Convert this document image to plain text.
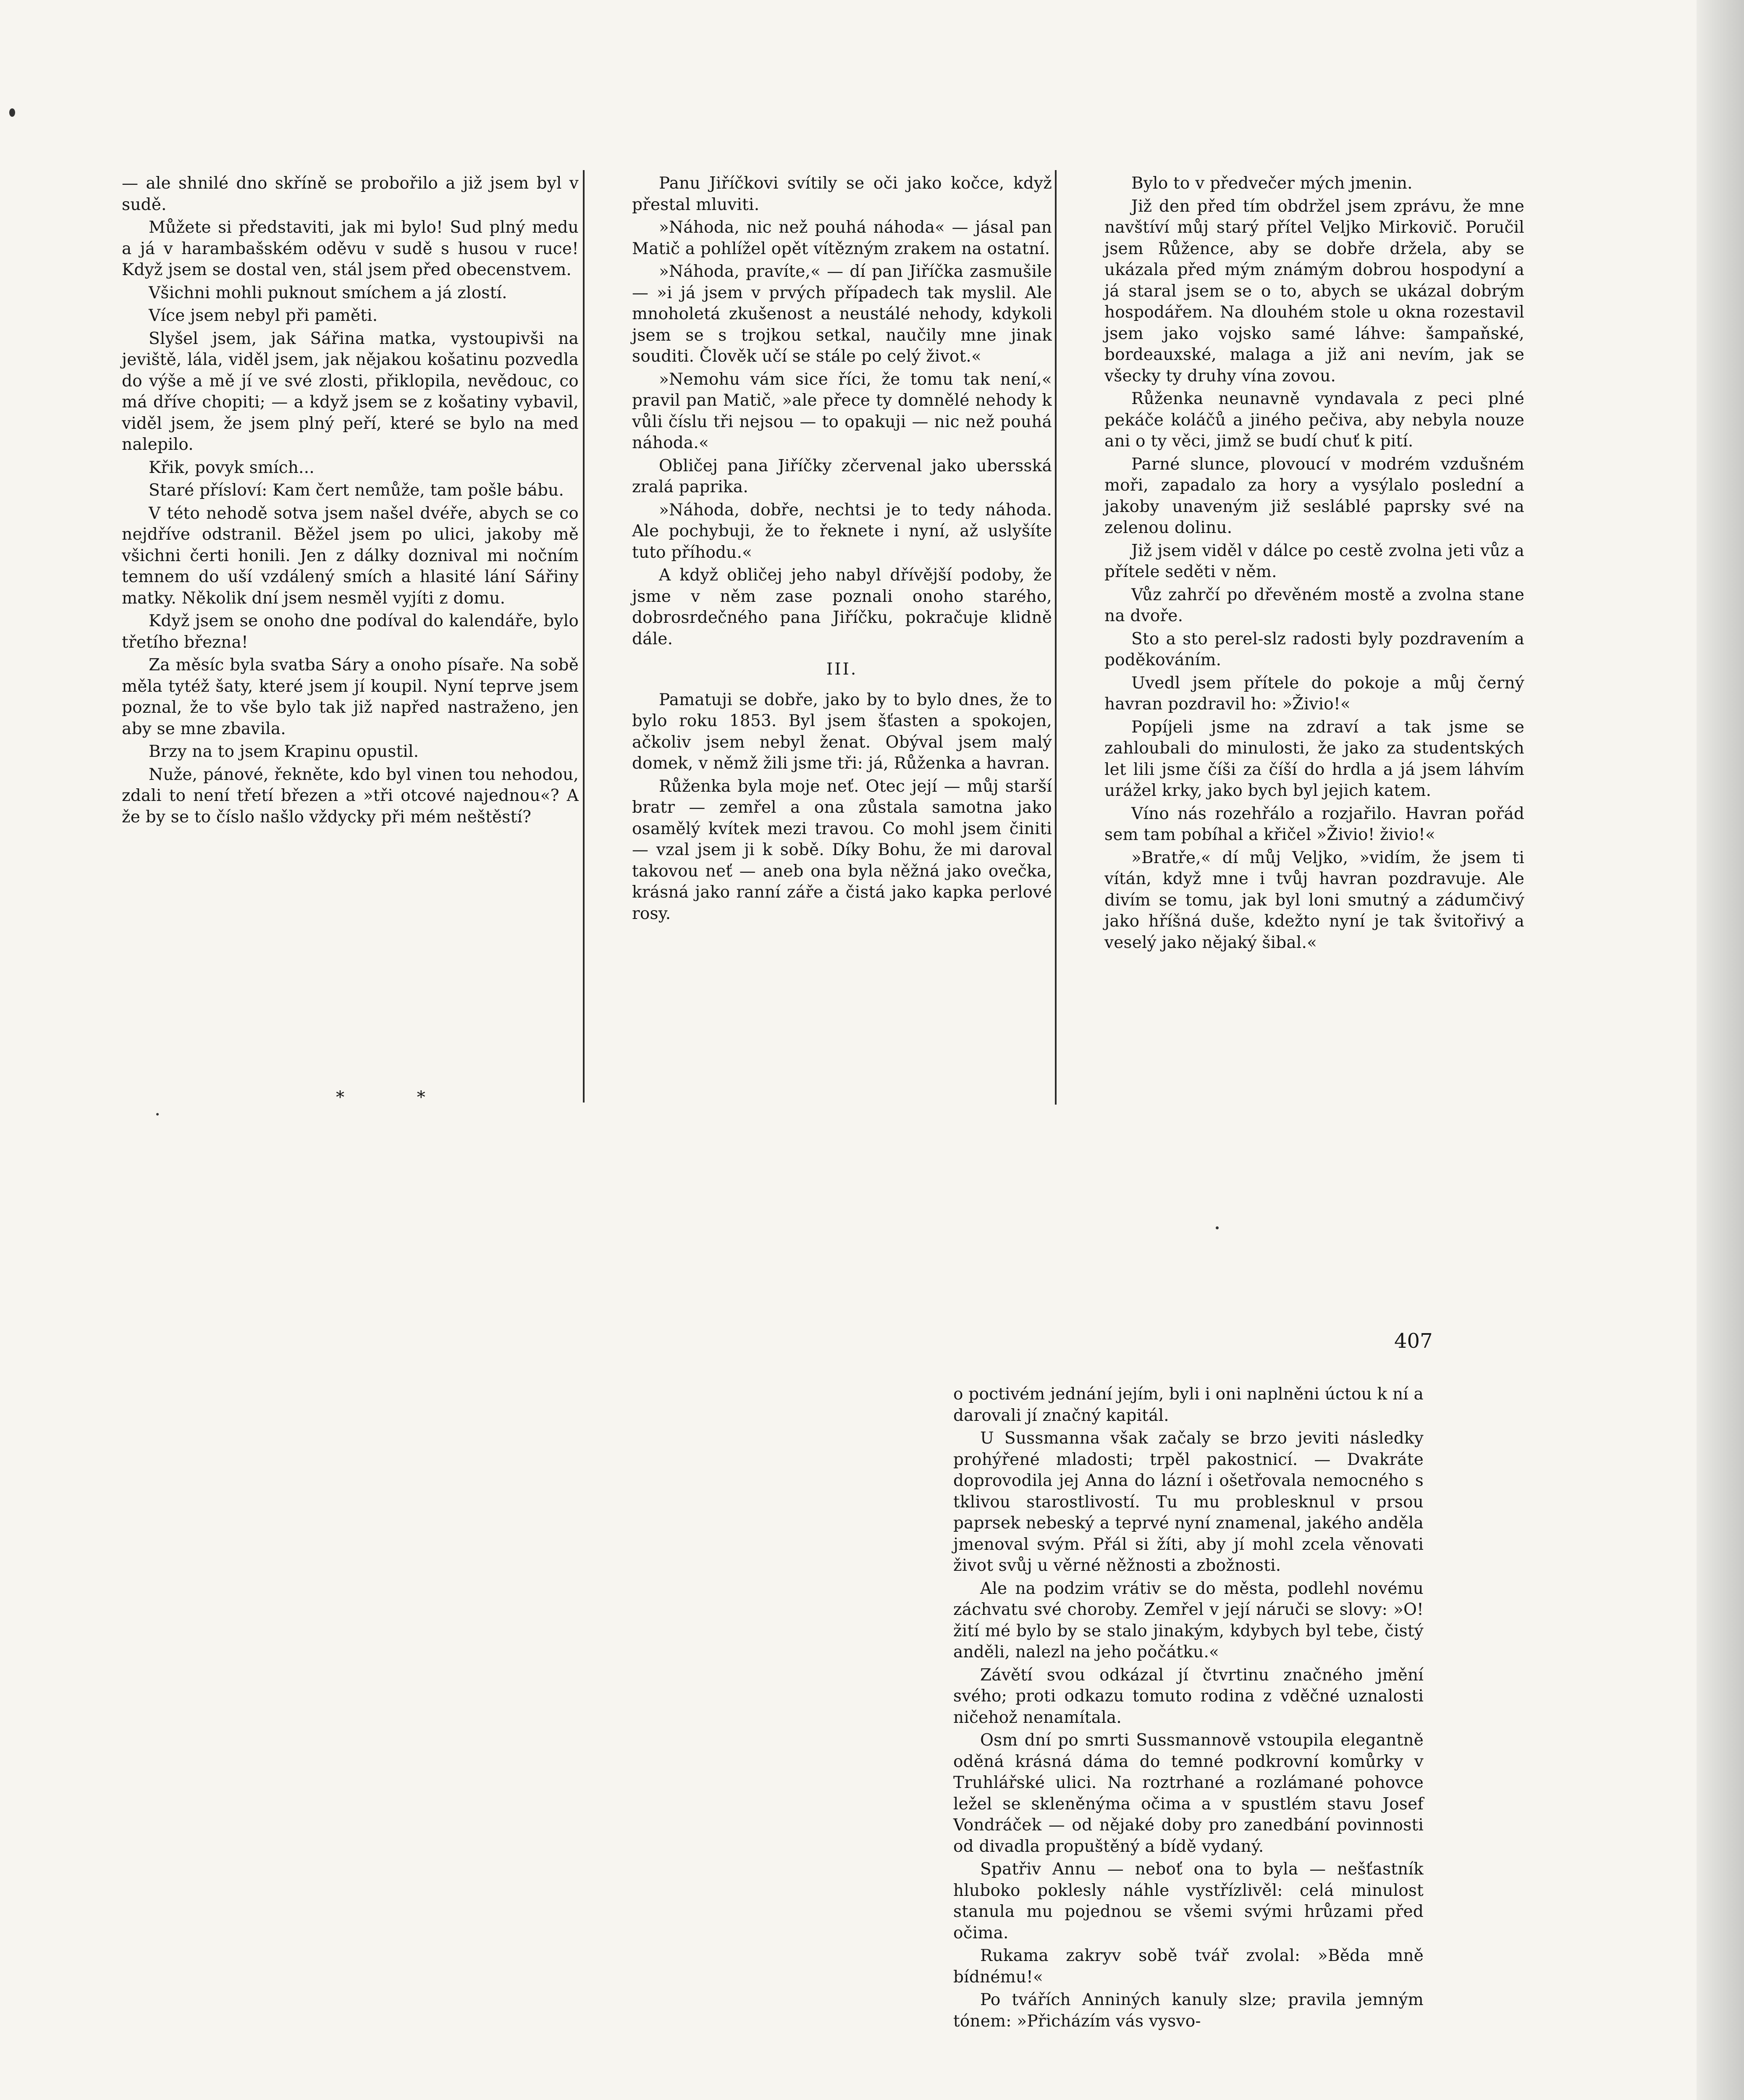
— ale shnilé dno skříně se probořilo a již jsem byl v sudě.

Můžete si představiti, jak mi bylo! Sud plný medu a já v harambašském oděvu v sudě s husou v ruce! Když jsem se dostal ven, stál jsem před obecenstvem.

Všichni mohli puknout smíchem a já zlostí.

Více jsem nebyl při paměti.

Slyšel jsem, jak Sářina matka, vystoupivši na jeviště, lála, viděl jsem, jak nějakou košatinu pozvedla do výše a mě jí ve své zlosti, přiklopila, nevědouc, co má dříve chopiti; — a když jsem se z košatiny vybavil, viděl jsem, že jsem plný peří, které se bylo na med nalepilo.

Křik, povyk smích...

Staré přísloví: Kam čert nemůže, tam pošle bábu.

V této nehodě sotva jsem našel dvéře, abych se co nejdříve odstranil. Běžel jsem po ulici, jakoby mě všichni čerti honili. Jen z dálky doznival mi nočním temnem do uší vzdálený smích a hlasité lání Sářiny matky. Několik dní jsem nesměl vyjíti z domu.

Když jsem se onoho dne podíval do kalendáře, bylo třetího března!

Za měsíc byla svatba Sáry a onoho písaře. Na sobě měla tytéž šaty, které jsem jí koupil. Nyní teprve jsem poznal, že to vše bylo tak již napřed nastraženo, jen aby se mne zbavila.

Brzy na to jsem Krapinu opustil.

Nuže, pánové, řekněte, kdo byl vinen tou nehodou, zdali to není třetí březen a »tři otcové najednou«? A že by se to číslo našlo vždycky při mém neštěstí?

* *

Panu Jiříčkovi svítily se oči jako kočce, když přestal mluviti.

»Náhoda, nic než pouhá náhoda« — jásal pan Matič a pohlížel opět vítězným zrakem na ostatní.

»Náhoda, pravíte,« — dí pan Jiříčka zasmušile — »i já jsem v prvých případech tak myslil. Ale mnoholetá zkušenost a neustálé nehody, kdykoli jsem se s trojkou setkal, naučily mne jinak souditi. Člověk učí se stále po celý život.«

»Nemohu vám sice říci, že tomu tak není,« pravil pan Matič, »ale přece ty domnělé nehody k vůli číslu tři nejsou — to opakuji — nic než pouhá náhoda.«

Obličej pana Jiříčky zčervenal jako ubersská zralá paprika.

»Náhoda, dobře, nechtsi je to tedy náhoda. Ale pochybuji, že to řeknete i nyní, až uslyšíte tuto příhodu.«

A když obličej jeho nabyl dřívější podoby, že jsme v něm zase poznali onoho starého, dobrosrdečného pana Jiříčku, pokračuje klidně dále.

III.

Pamatuji se dobře, jako by to bylo dnes, že to bylo roku 1853. Byl jsem šťasten a spokojen, ačkoliv jsem nebyl ženat. Obýval jsem malý domek, v němž žili jsme tři: já, Růženka a havran.

Růženka byla moje neť. Otec její — můj starší bratr — zemřel a ona zůstala samotna jako osamělý kvítek mezi travou. Co mohl jsem činiti — vzal jsem ji k sobě. Díky Bohu, že mi daroval takovou neť — aneb ona byla něžná jako ovečka, krásná jako ranní záře a čistá jako kapka perlové rosy.

Bylo to v předvečer mých jmenin.

Již den před tím obdržel jsem zprávu, že mne navštíví můj starý přítel Veljko Mirkovič. Poručil jsem Růžence, aby se dobře držela, aby se ukázala před mým známým dobrou hospodyní a já staral jsem se o to, abych se ukázal dobrým hospodářem. Na dlouhém stole u okna rozestavil jsem jako vojsko samé láhve: šampaňské, bordeauxské, malaga a již ani nevím, jak se všecky ty druhy vína zovou.

Růženka neunavně vyndavala z peci plné pekáče koláčů a jiného pečiva, aby nebyla nouze ani o ty věci, jimž se budí chuť k pití.

Parné slunce, plovoucí v modrém vzdušném moři, zapadalo za hory a vysýlalo poslední a jakoby unaveným již sesláblé paprsky své na zelenou dolinu.

Již jsem viděl v dálce po cestě zvolna jeti vůz a přítele seděti v něm.

Vůz zahrčí po dřevěném mostě a zvolna stane na dvoře.

Sto a sto perel-slz radosti byly pozdravením a poděkováním.

Uvedl jsem přítele do pokoje a můj černý havran pozdravil ho: »Živio!«

Popíjeli jsme na zdraví a tak jsme se zahloubali do minulosti, že jako za studentských let lili jsme číši za číší do hrdla a já jsem láhvím urážel krky, jako bych byl jejich katem.

Víno nás rozehřálo a rozjařilo. Havran pořád sem tam pobíhal a křičel »Živio! živio!«

»Bratře,« dí můj Veljko, »vidím, že jsem ti vítán, když mne i tvůj havran pozdravuje. Ale divím se tomu, jak byl loni smutný a zádumčivý jako hříšná duše, kdežto nyní je tak švitořivý a veselý jako nějaký šibal.«

407

o poctivém jednání jejím, byli i oni naplněni úctou k ní a darovali jí značný kapitál.

U Sussmanna však začaly se brzo jeviti následky prohýřené mladosti; trpěl pakostnicí. — Dvakráte doprovodila jej Anna do lázní i ošetřovala nemocného s tklivou starostlivostí. Tu mu problesknul v prsou paprsek nebeský a teprvé nyní znamenal, jakého anděla jmenoval svým. Přál si žíti, aby jí mohl zcela věnovati život svůj u věrné něžnosti a zbožnosti.

Ale na podzim vrátiv se do města, podlehl novému záchvatu své choroby. Zemřel v její náruči se slovy: »O! žití mé bylo by se stalo jinakým, kdybych byl tebe, čistý anděli, nalezl na jeho počátku.«

Závětí svou odkázal jí čtvrtinu značného jmění svého; proti odkazu tomuto rodina z vděčné uznalosti ničehož nenamítala.

Osm dní po smrti Sussmannově vstoupila elegantně oděná krásná dáma do temné podkrovní komůrky v Truhlářské ulici. Na roztrhané a rozlámané pohovce ležel se skleněnýma očima a v spustlém stavu Josef Vondráček — od nějaké doby pro zanedbání povinnosti od divadla propuštěný a bídě vydaný.

Spatřiv Annu — neboť ona to byla — nešťastník hluboko poklesly náhle vystřízlivěl: celá minulost stanula mu pojednou se všemi svými hrůzami před očima.

Rukama zakryv sobě tvář zvolal: »Běda mně bídnému!«

Po tvářích Anniných kanuly slze; pravila jemným tónem: »Přicházím vás vysvo-
